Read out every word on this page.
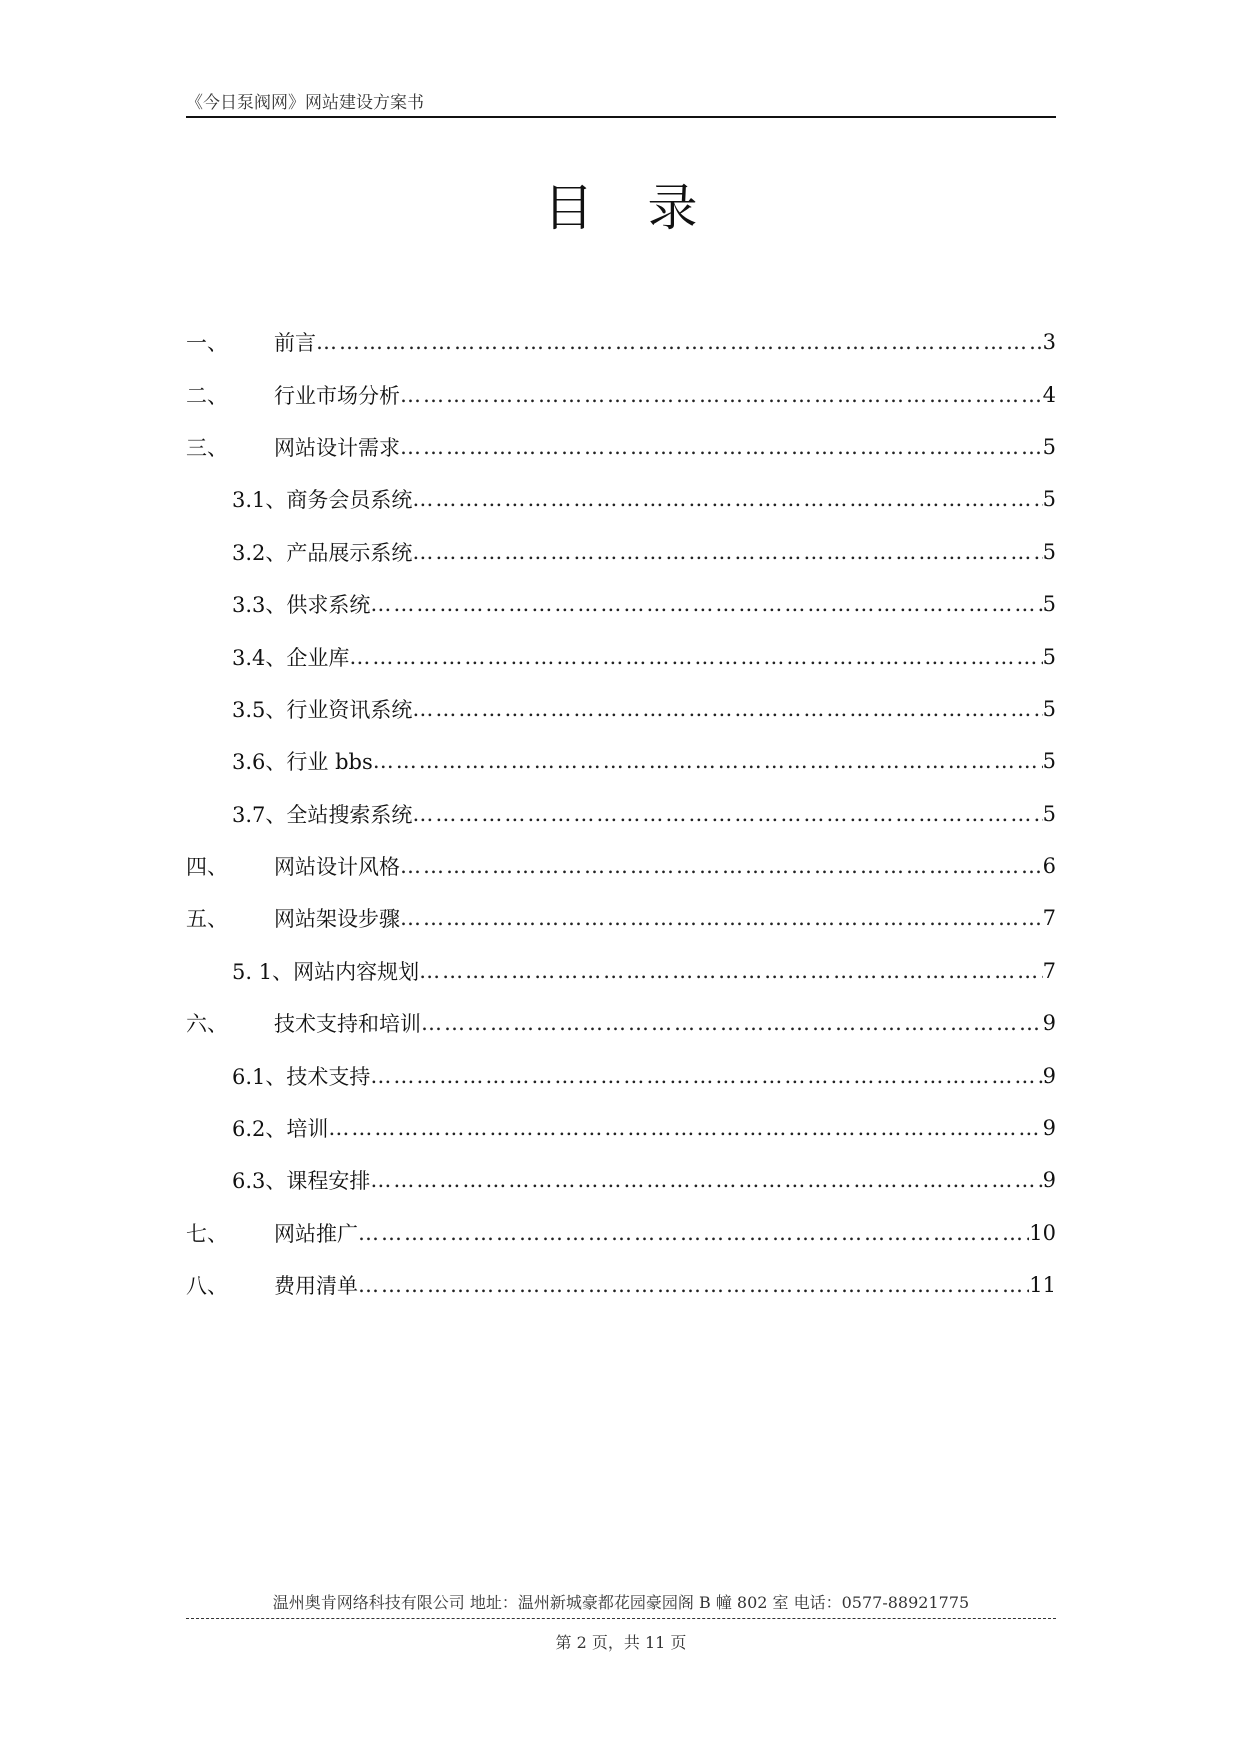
《今日泵阀网》网站建设方案书
目录
一、	前言 …………………………………………………………………………………………………………………………………………	3
二、	行业市场分析 …………………………………………………………………………………………………………………………………………	4
三、	网站设计需求 …………………………………………………………………………………………………………………………………………	5
3.1、 商务会员系统 …………………………………………………………………………………………………………………………………………	5
3.2、 产品展示系统 …………………………………………………………………………………………………………………………………………	5
3.3、 供求系统 …………………………………………………………………………………………………………………………………………	5
3.4、 企业库 …………………………………………………………………………………………………………………………………………	5
3.5、 行业资讯系统 …………………………………………………………………………………………………………………………………………	5
3.6、 行业 bbs …………………………………………………………………………………………………………………………………………	5
3.7、 全站搜索系统 …………………………………………………………………………………………………………………………………………	5
四、	网站设计风格 …………………………………………………………………………………………………………………………………………	6
五、	网站架设步骤 …………………………………………………………………………………………………………………………………………	7
5. 1、 网站内容规划 …………………………………………………………………………………………………………………………………………	7
六、	技术支持和培训 …………………………………………………………………………………………………………………………………………	9
6.1、 技术支持 …………………………………………………………………………………………………………………………………………	9
6.2、 培训 …………………………………………………………………………………………………………………………………………	9
6.3、 课程安排 …………………………………………………………………………………………………………………………………………	9
七、	网站推广 …………………………………………………………………………………………………………………………………………	10
八、	费用清单 …………………………………………………………………………………………………………………………………………	11
温州奥肯网络科技有限公司 地址：温州新城豪都花园豪园阁 B 幢 802 室 电话：0577-88921775
第 2 页，共 11 页
